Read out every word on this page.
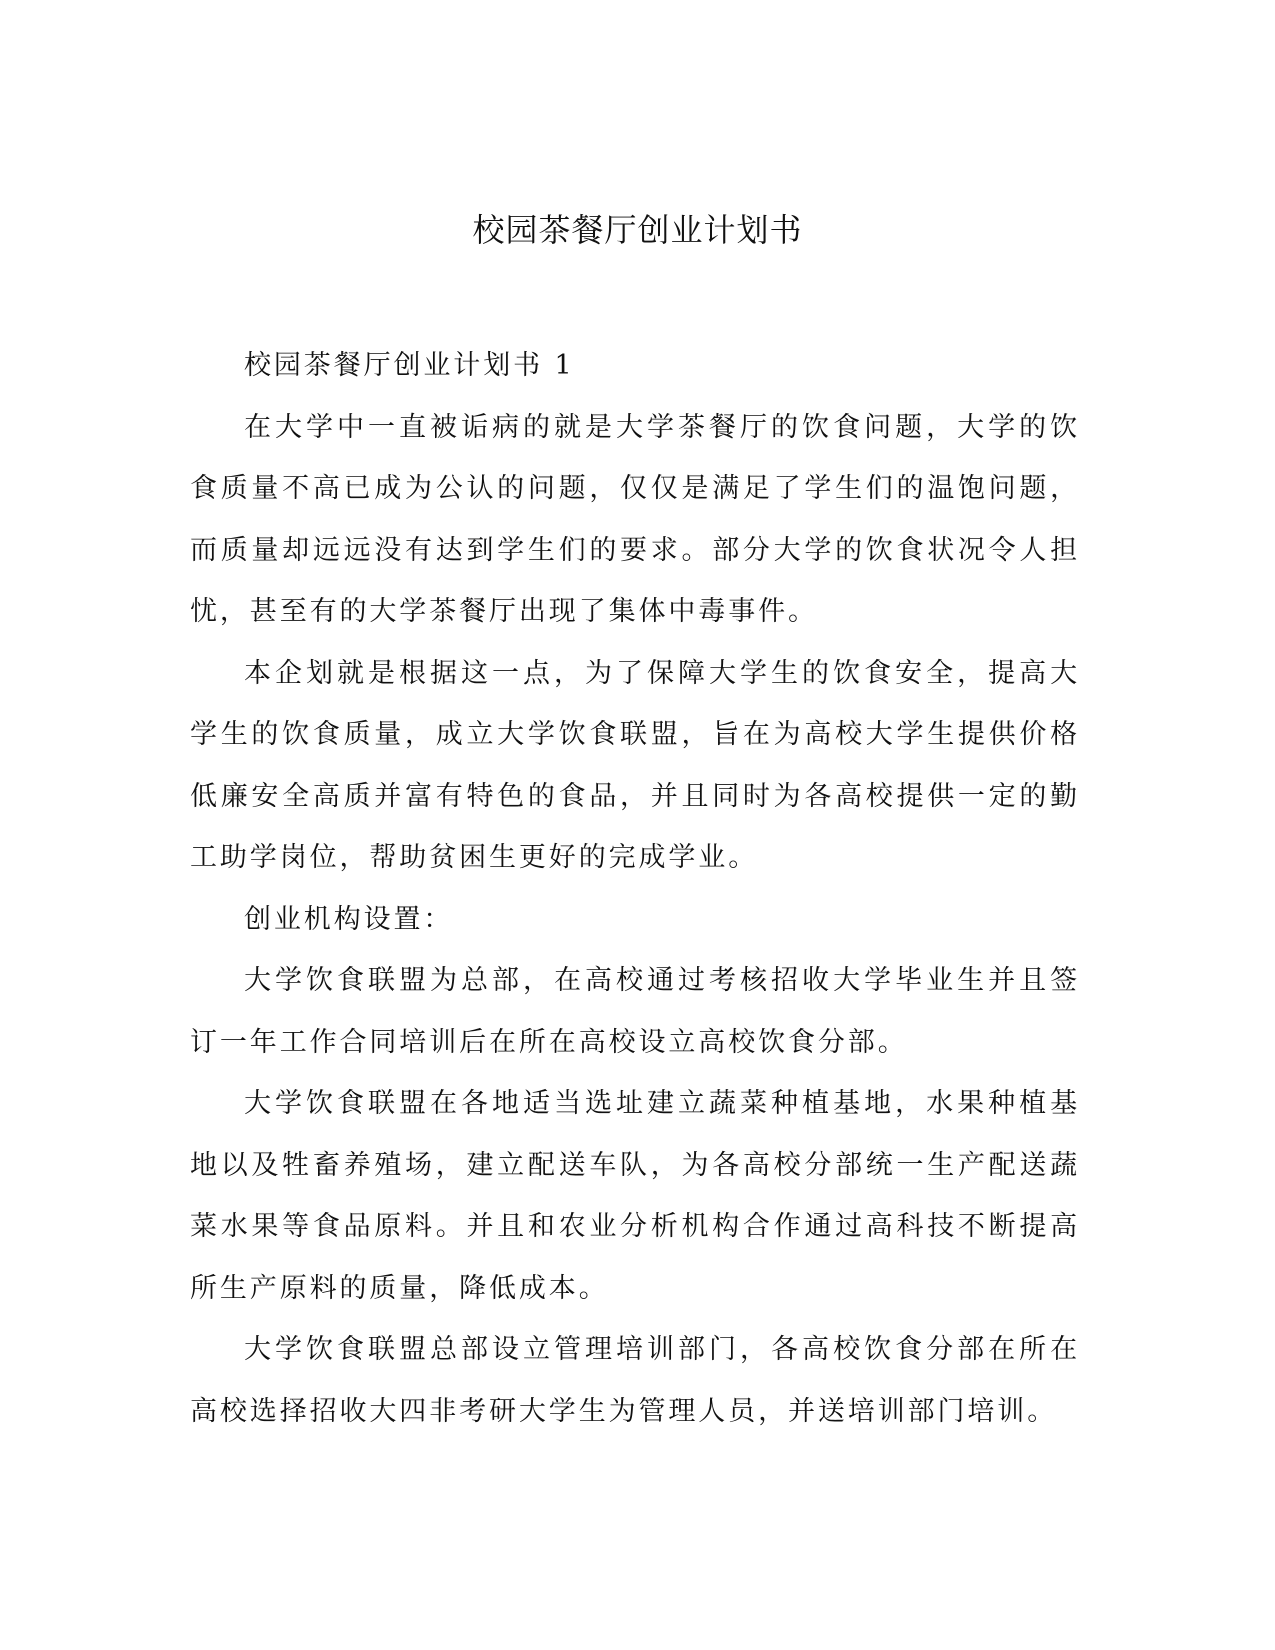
校园茶餐厅创业计划书

校园茶餐厅创业计划书 1

在大学中一直被诟病的就是大学茶餐厅的饮食问题，大学的饮食质量不高已成为公认的问题，仅仅是满足了学生们的温饱问题，而质量却远远没有达到学生们的要求。部分大学的饮食状况令人担忧，甚至有的大学茶餐厅出现了集体中毒事件。

本企划就是根据这一点，为了保障大学生的饮食安全，提高大学生的饮食质量，成立大学饮食联盟，旨在为高校大学生提供价格低廉安全高质并富有特色的食品，并且同时为各高校提供一定的勤工助学岗位，帮助贫困生更好的完成学业。

创业机构设置：

大学饮食联盟为总部，在高校通过考核招收大学毕业生并且签订一年工作合同培训后在所在高校设立高校饮食分部。

大学饮食联盟在各地适当选址建立蔬菜种植基地，水果种植基地以及牲畜养殖场，建立配送车队，为各高校分部统一生产配送蔬菜水果等食品原料。并且和农业分析机构合作通过高科技不断提高所生产原料的质量，降低成本。

大学饮食联盟总部设立管理培训部门，各高校饮食分部在所在高校选择招收大四非考研大学生为管理人员，并送培训部门培训。
